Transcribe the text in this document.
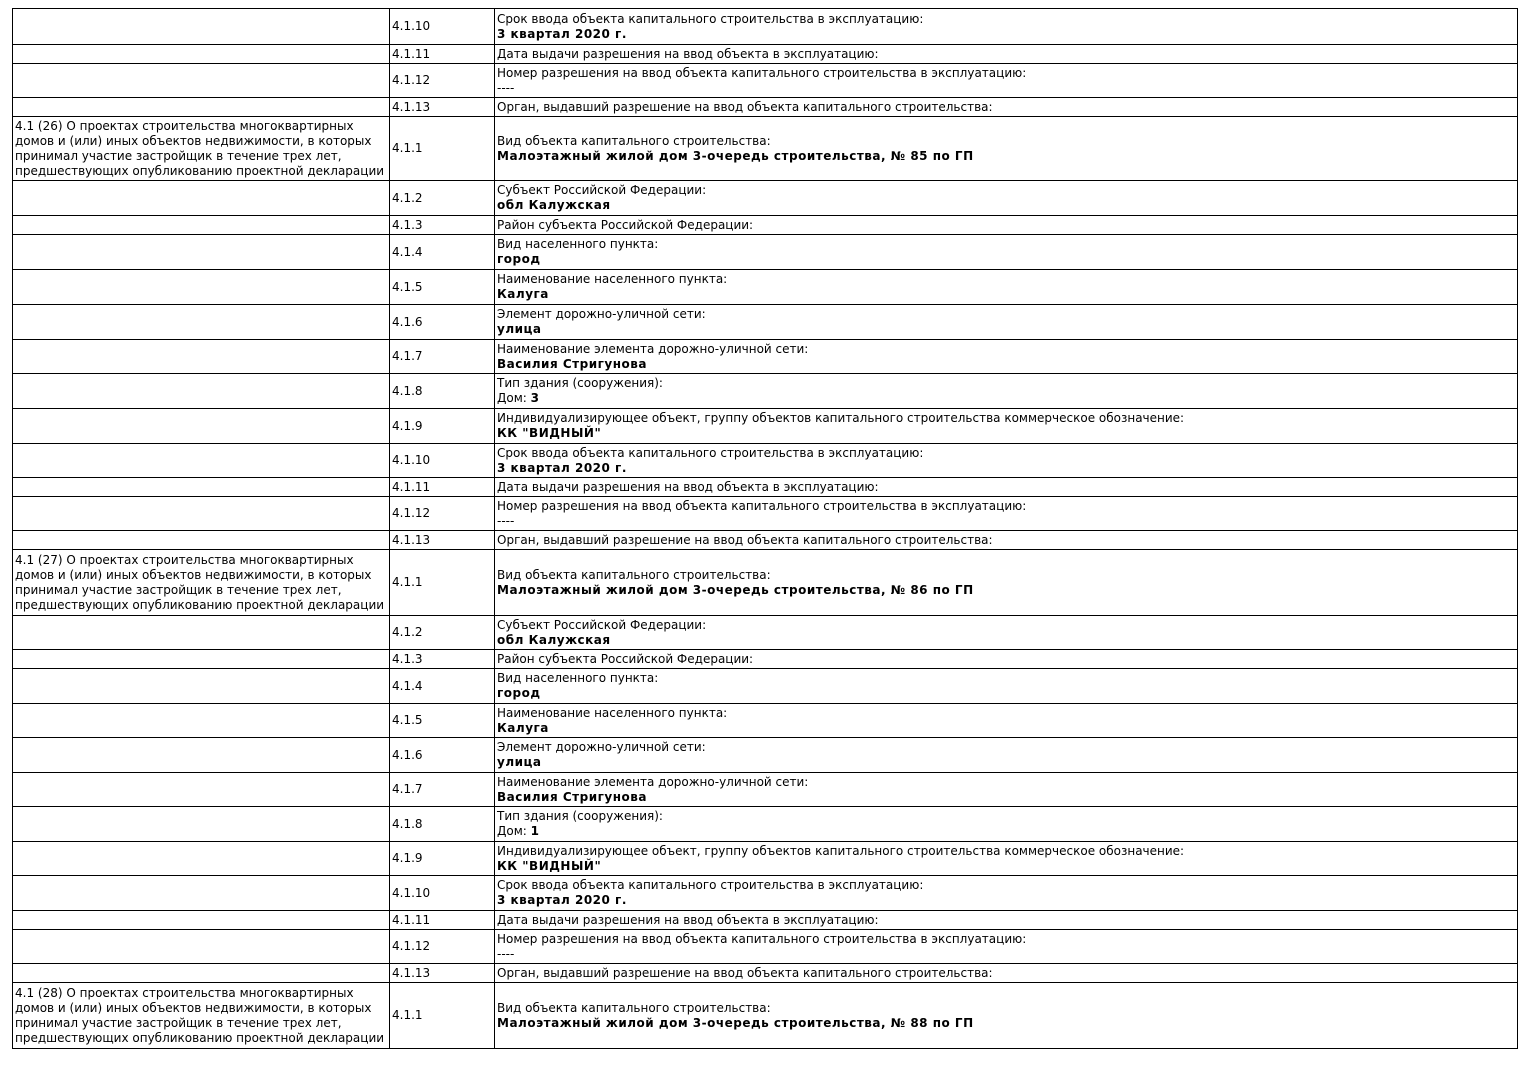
	4.1.10	Срок ввода объекта капитального строительства в эксплуатацию:
3 квартал 2020 г.

	4.1.11	Дата выдачи разрешения на ввод объекта в эксплуатацию:

	4.1.12	Номер разрешения на ввод объекта капитального строительства в эксплуатацию:
----

	4.1.13	Орган, выдавший разрешение на ввод объекта капитального строительства:

4.1 (26) О проектах строительства многоквартирных домов и (или) иных объектов недвижимости, в которых принимал участие застройщик в течение трех лет, предшествующих опубликованию проектной декларации	4.1.1	Вид объекта капитального строительства:
Малоэтажный жилой дом 3-очередь строительства, № 85 по ГП

	4.1.2	Субъект Российской Федерации:
обл Калужская

	4.1.3	Район субъекта Российской Федерации:

	4.1.4	Вид населенного пункта:
город

	4.1.5	Наименование населенного пункта:
Калуга

	4.1.6	Элемент дорожно-уличной сети:
улица

	4.1.7	Наименование элемента дорожно-уличной сети:
Василия Стригунова

	4.1.8	Тип здания (сооружения):
Дом: 3

	4.1.9	Индивидуализирующее объект, группу объектов капитального строительства коммерческое обозначение:
КК "ВИДНЫЙ"

	4.1.10	Срок ввода объекта капитального строительства в эксплуатацию:
3 квартал 2020 г.

	4.1.11	Дата выдачи разрешения на ввод объекта в эксплуатацию:

	4.1.12	Номер разрешения на ввод объекта капитального строительства в эксплуатацию:
----

	4.1.13	Орган, выдавший разрешение на ввод объекта капитального строительства:

4.1 (27) О проектах строительства многоквартирных домов и (или) иных объектов недвижимости, в которых принимал участие застройщик в течение трех лет, предшествующих опубликованию проектной декларации	4.1.1	Вид объекта капитального строительства:
Малоэтажный жилой дом 3-очередь строительства, № 86 по ГП

	4.1.2	Субъект Российской Федерации:
обл Калужская

	4.1.3	Район субъекта Российской Федерации:

	4.1.4	Вид населенного пункта:
город

	4.1.5	Наименование населенного пункта:
Калуга

	4.1.6	Элемент дорожно-уличной сети:
улица

	4.1.7	Наименование элемента дорожно-уличной сети:
Василия Стригунова

	4.1.8	Тип здания (сооружения):
Дом: 1

	4.1.9	Индивидуализирующее объект, группу объектов капитального строительства коммерческое обозначение:
КК "ВИДНЫЙ"

	4.1.10	Срок ввода объекта капитального строительства в эксплуатацию:
3 квартал 2020 г.

	4.1.11	Дата выдачи разрешения на ввод объекта в эксплуатацию:

	4.1.12	Номер разрешения на ввод объекта капитального строительства в эксплуатацию:
----

	4.1.13	Орган, выдавший разрешение на ввод объекта капитального строительства:

4.1 (28) О проектах строительства многоквартирных домов и (или) иных объектов недвижимости, в которых принимал участие застройщик в течение трех лет, предшествующих опубликованию проектной декларации	4.1.1	Вид объекта капитального строительства:
Малоэтажный жилой дом 3-очередь строительства, № 88 по ГП
